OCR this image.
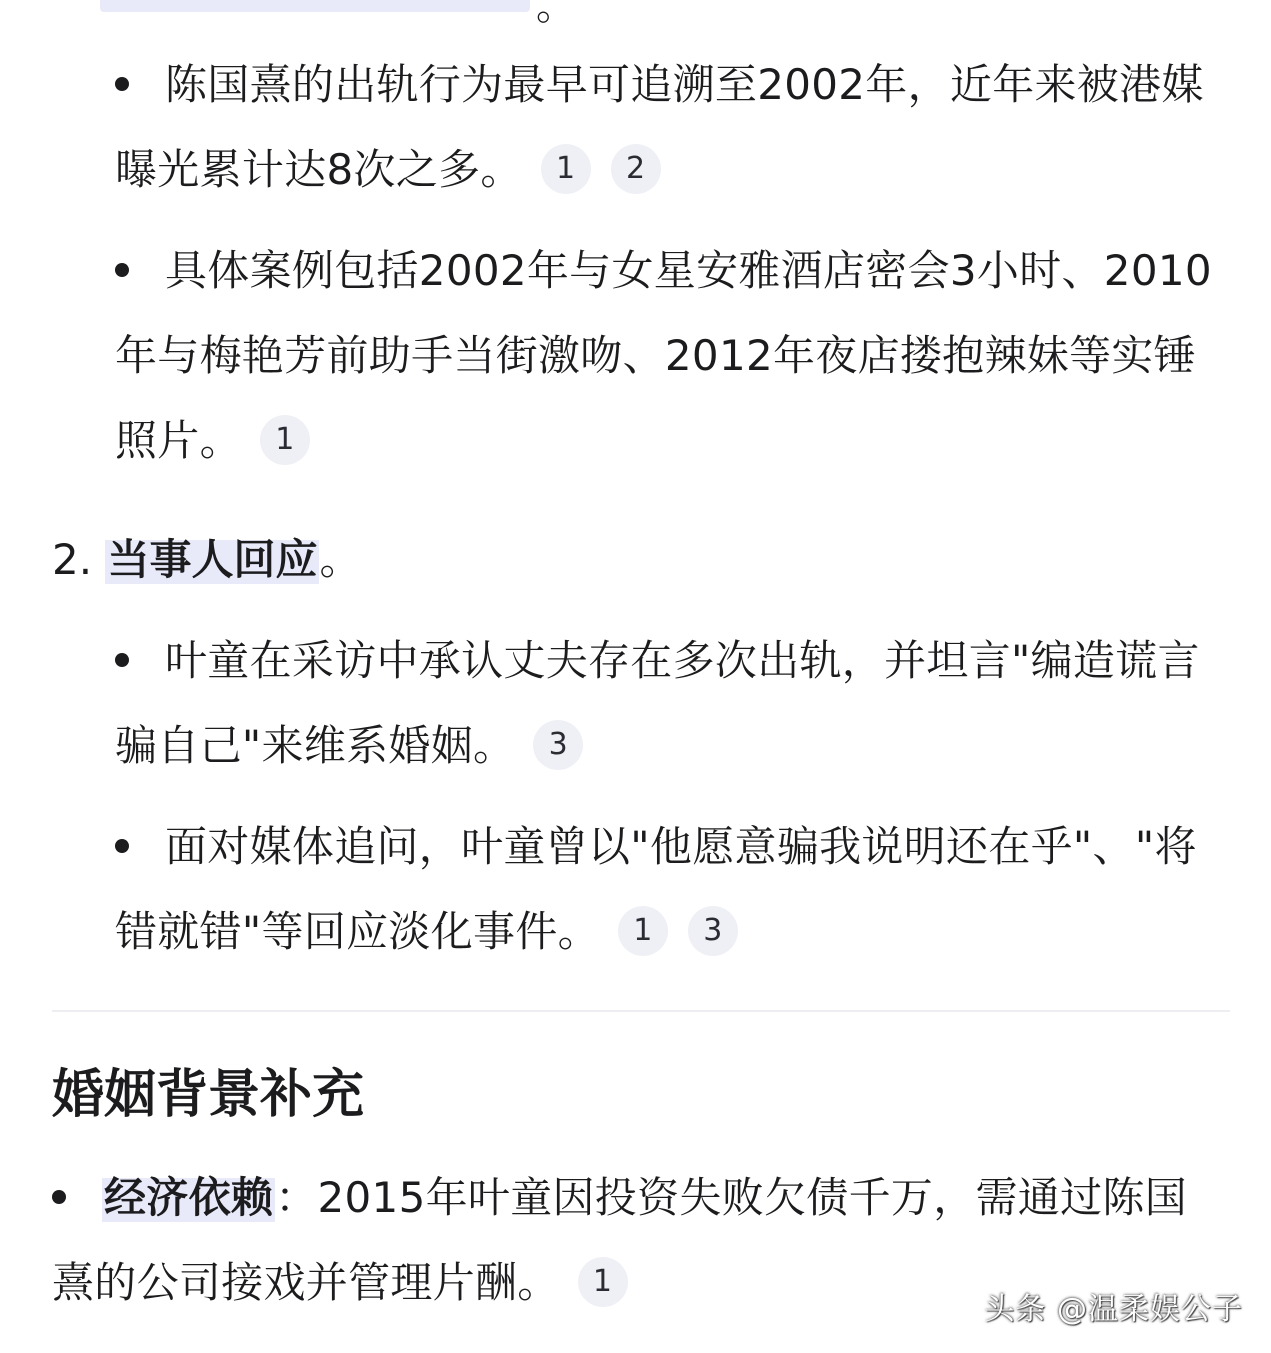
。
陈国熹的出轨行为最早可追溯至2002年，近年来被港媒曝光累计达8次之多。 1 2
具体案例包括2002年与女星安雅酒店密会3小时、2010年与梅艳芳前助手当街激吻、2012年夜店搂抱辣妹等实锤照片。 1
2. 当事人回应。
叶童在采访中承认丈夫存在多次出轨，并坦言"编造谎言骗自己"来维系婚姻。 3
面对媒体追问，叶童曾以"他愿意骗我说明还在乎"、"将错就错"等回应淡化事件。 1 3
婚姻背景补充
经济依赖：2015年叶童因投资失败欠债千万，需通过陈国熹的公司接戏并管理片酬。 1
头条 @温柔娱公子
